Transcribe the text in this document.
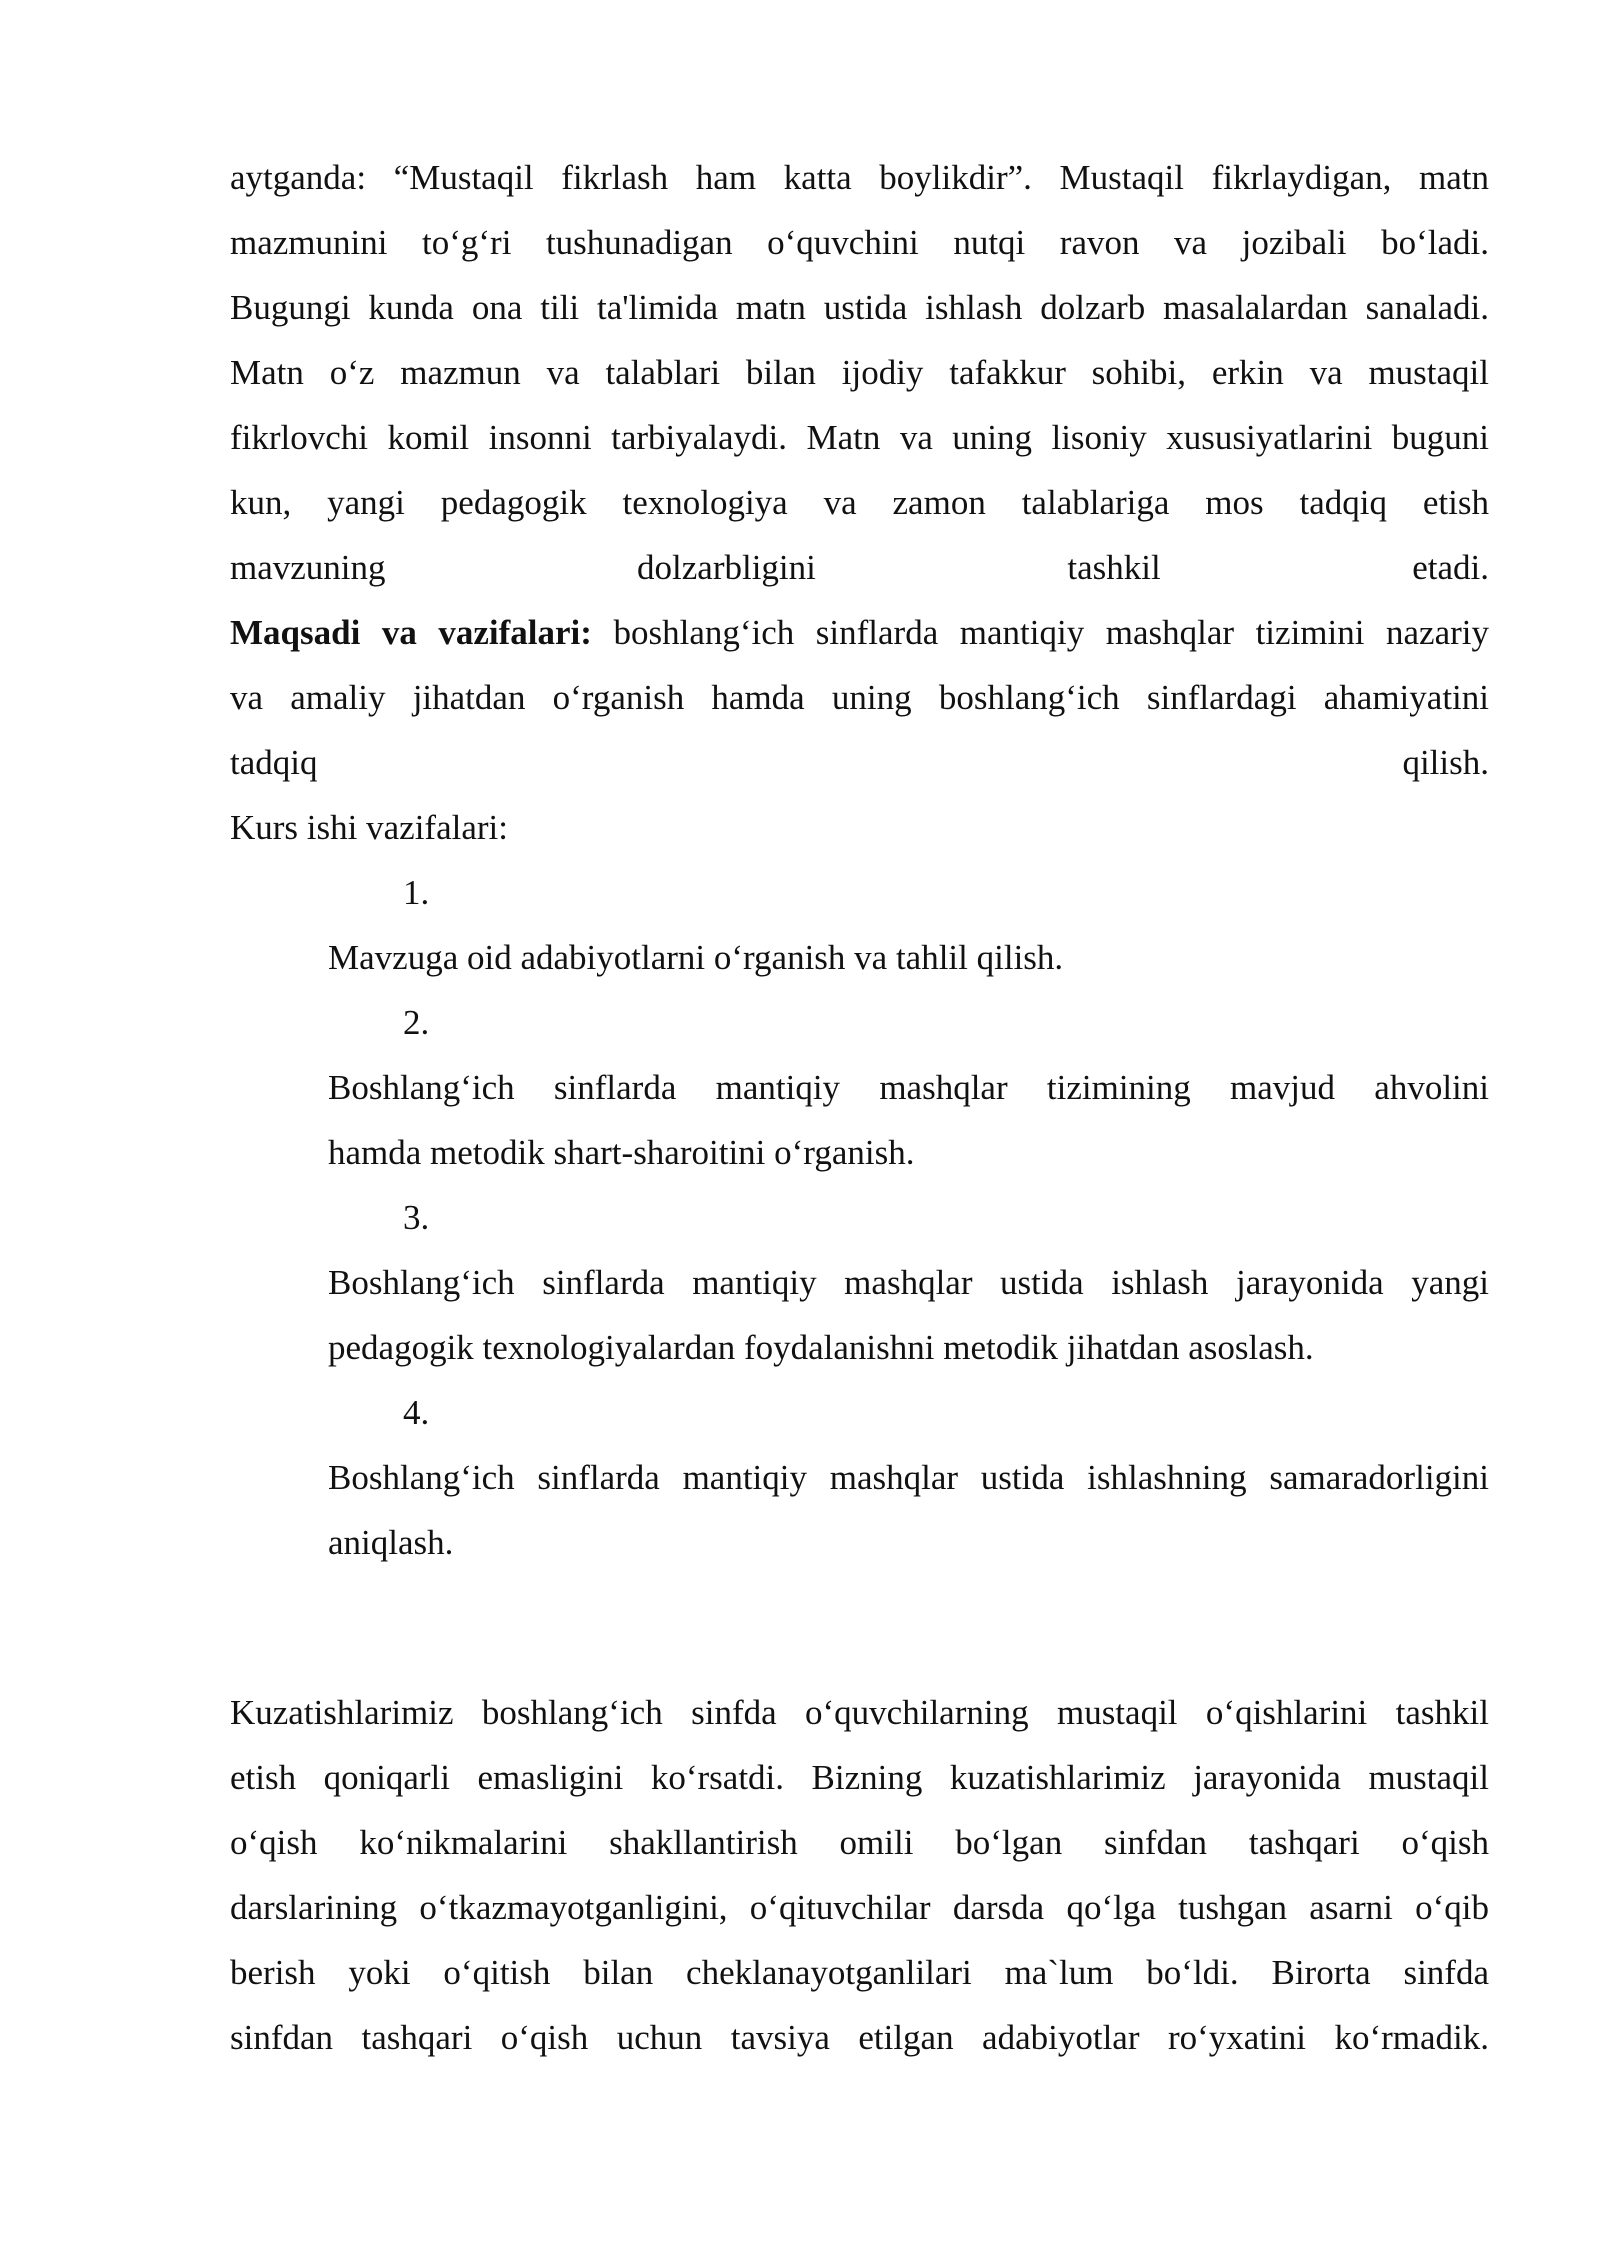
aytganda: “Mustaqil fikrlash ham katta boylikdir”. Mustaqil fikrlaydigan, matn
mazmunini to‘g‘ri tushunadigan o‘quvchini nutqi ravon va jozibali bo‘ladi.
Bugungi kunda ona tili ta'limida matn ustida ishlash dolzarb masalalardan sanaladi.
Matn o‘z mazmun va talablari bilan ijodiy tafakkur sohibi, erkin va mustaqil
fikrlovchi komil insonni tarbiyalaydi. Matn va uning lisoniy xususiyatlarini buguni
kun, yangi pedagogik texnologiya va zamon talablariga mos tadqiq etish
mavzuning dolzarbligini tashkil etadi.
Maqsadi va vazifalari: boshlang‘ich sinflarda mantiqiy mashqlar tizimini nazariy
va amaliy jihatdan o‘rganish hamda uning boshlang‘ich sinflardagi ahamiyatini
tadqiq qilish.
Kurs ishi vazifalari:
1.
Mavzuga oid adabiyotlarni o‘rganish va tahlil qilish.
2.
Boshlang‘ich sinflarda mantiqiy mashqlar tizimining mavjud ahvolini
hamda metodik shart-sharoitini o‘rganish.
3.
Boshlang‘ich sinflarda mantiqiy mashqlar ustida ishlash jarayonida yangi
pedagogik texnologiyalardan foydalanishni metodik jihatdan asoslash.
4.
Boshlang‘ich sinflarda mantiqiy mashqlar ustida ishlashning samaradorligini
aniqlash.
Kuzatishlarimiz boshlang‘ich sinfda o‘quvchilarning mustaqil o‘qishlarini tashkil
etish qoniqarli emasligini ko‘rsatdi. Bizning kuzatishlarimiz jarayonida mustaqil
o‘qish ko‘nikmalarini shakllantirish omili bo‘lgan sinfdan tashqari o‘qish
darslarining o‘tkazmayotganligini, o‘qituvchilar darsda qo‘lga tushgan asarni o‘qib
berish yoki o‘qitish bilan cheklanayotganlilari ma`lum bo‘ldi. Birorta sinfda
sinfdan tashqari o‘qish uchun tavsiya etilgan adabiyotlar ro‘yxatini ko‘rmadik.
